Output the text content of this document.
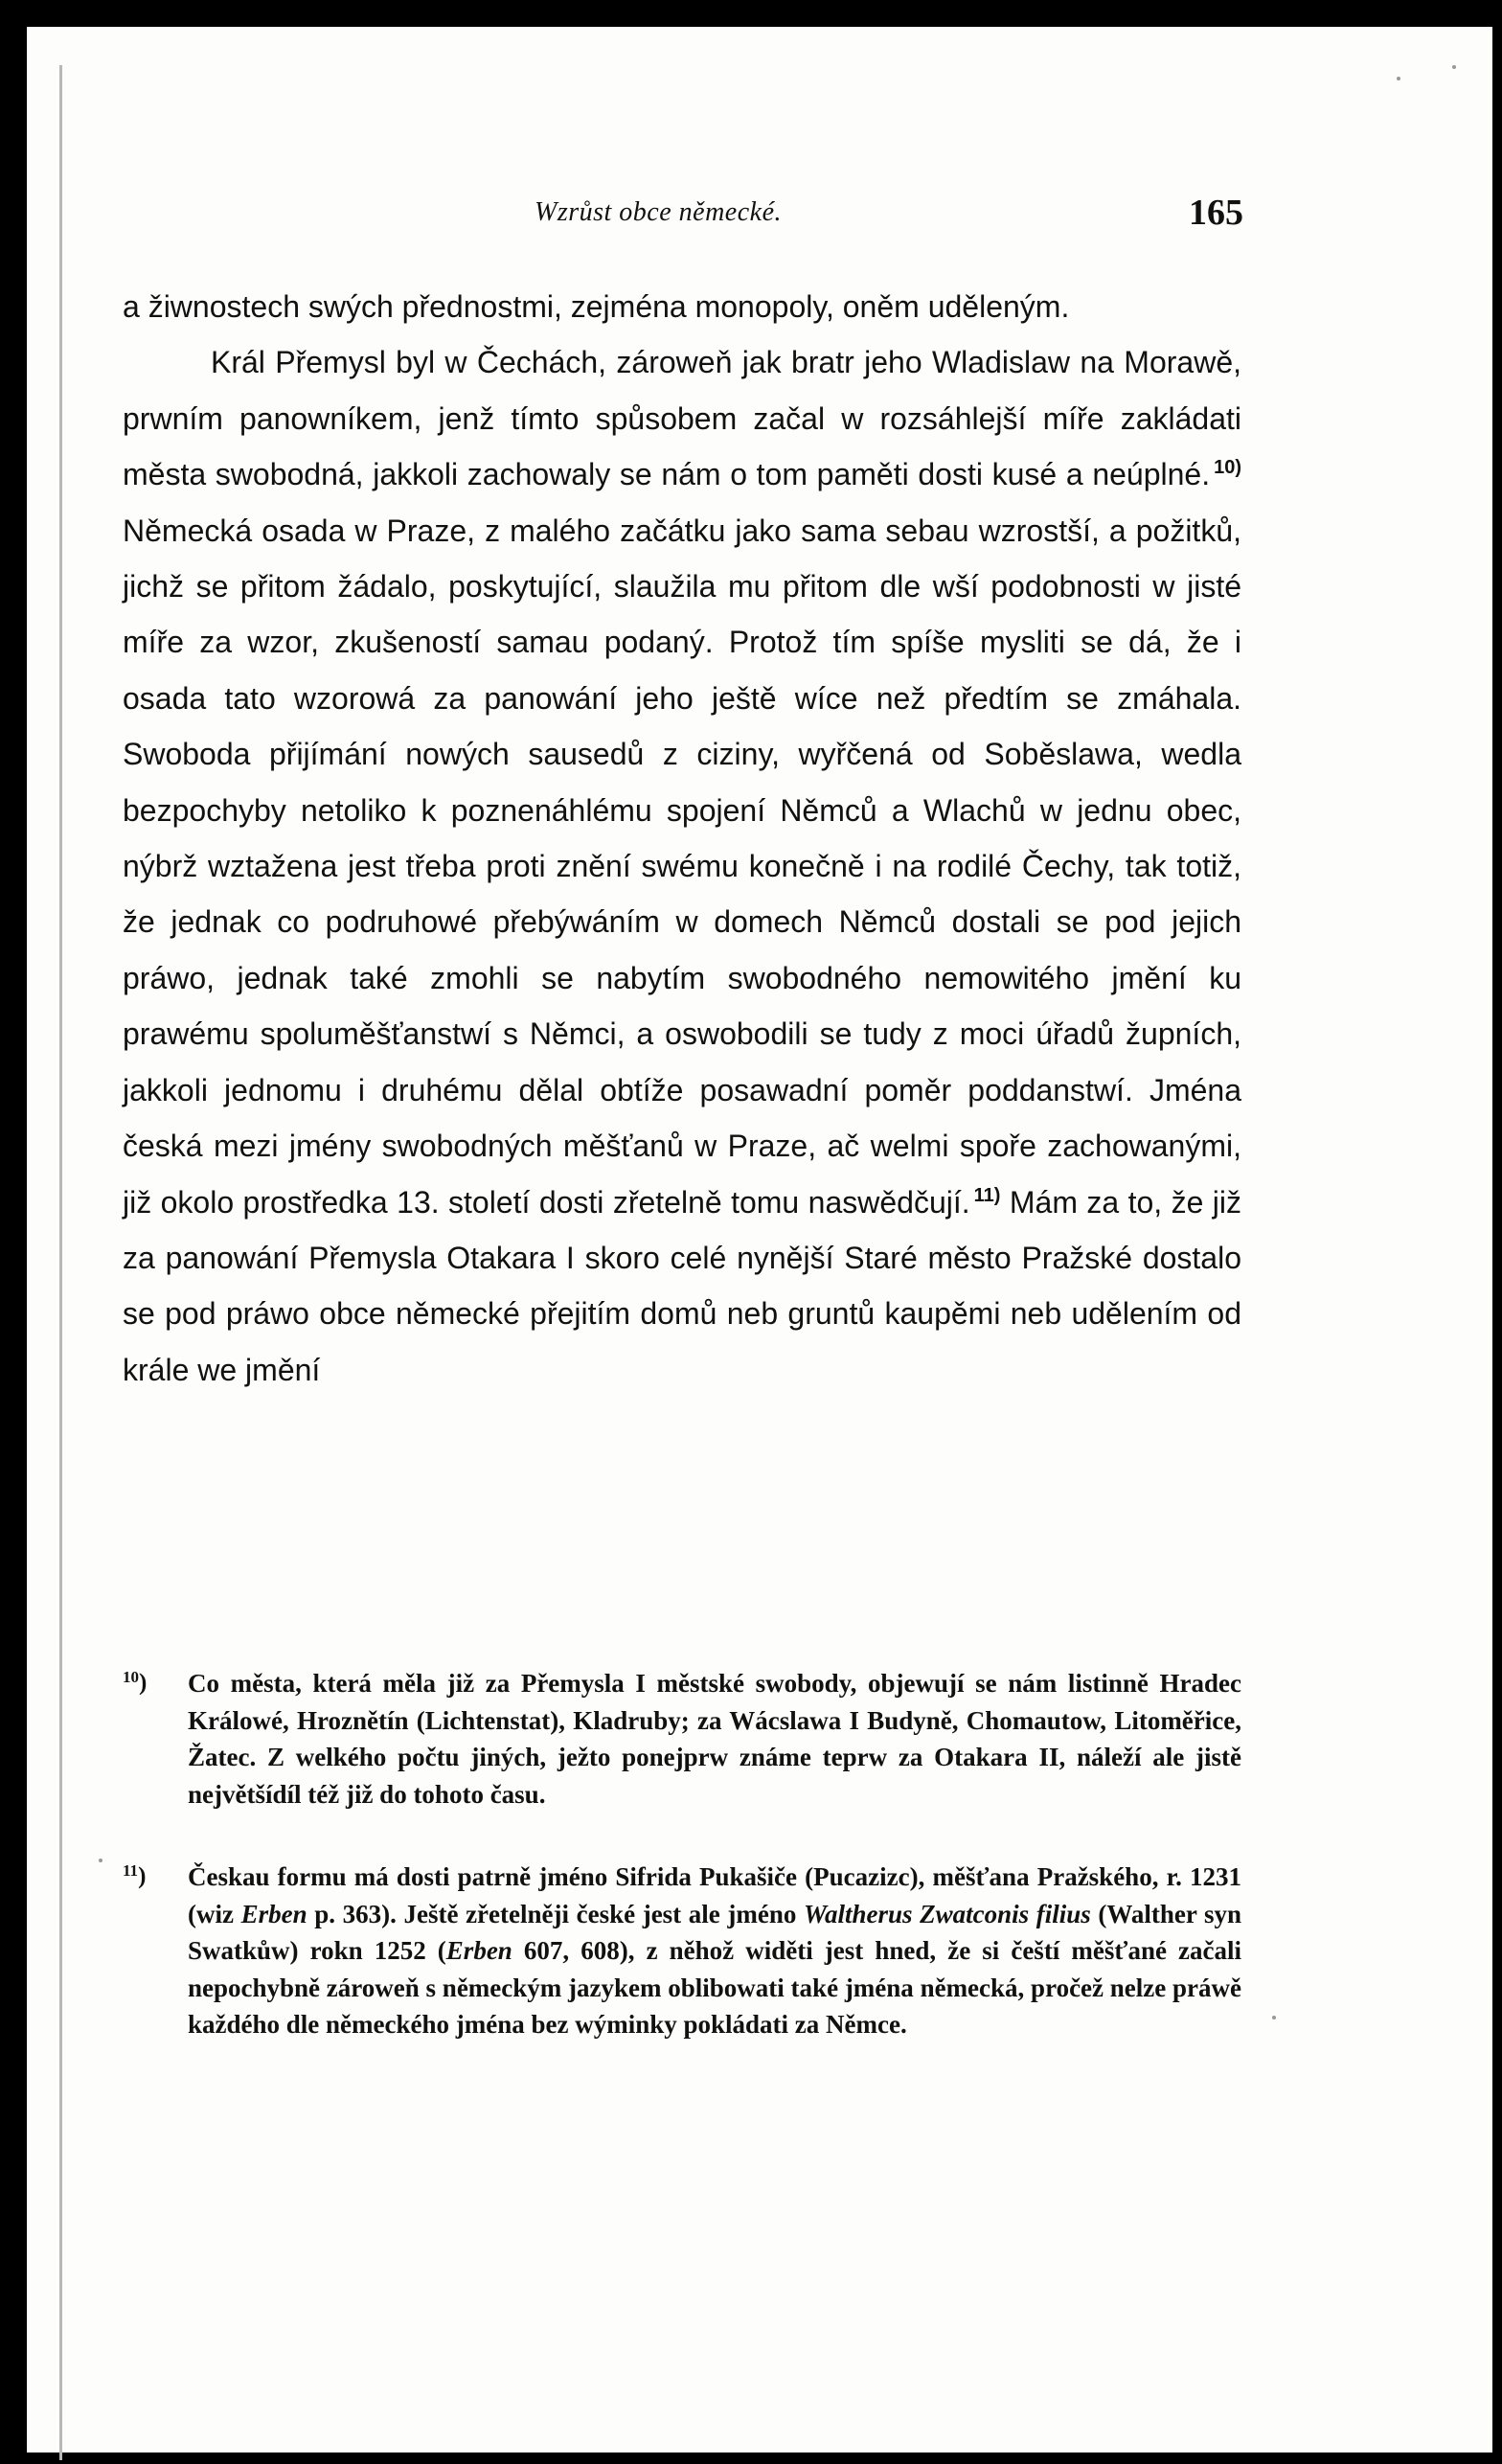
Wzrůst obce německé.	165

a žiwnostech swých přednostmi, zejména monopoly, oněm uděleným.

Král Přemysl byl w Čechách, zároweň jak bratr jeho Wladislaw na Morawě, prwním panowníkem, jenž tímto spůsobem začal w rozsáhlejší míře zakládati města swobodná, jakkoli zachowaly se nám o tom paměti dosti kusé a neúplné. $^{10)}$ Německá osada w Praze, z malého začátku jako sama sebau wzrostší, a požitků, jichž se přitom žádalo, poskytující, slaužila mu přitom dle wší podobnosti w jisté míře za wzor, zkušeností samau podaný. Protož tím spíše mysliti se dá, že i osada tato wzorowá za panowání jeho ještě wíce než předtím se zmáhala. Swoboda přijímání nowých sausedů z ciziny, wyřčená od Soběslawa, wedla bezpochyby netoliko k poznenáhlému spojení Němců a Wlachů w jednu obec, nýbrž wztažena jest třeba proti znění swému konečně i na rodilé Čechy, tak totiž, že jednak co podruhowé přebýwáním w domech Němců dostali se pod jejich práwo, jednak také zmohli se nabytím swobodného nemowitého jmění ku prawému spoluměšťanstwí s Němci, a oswobodili se tudy z moci úřadů župních, jakkoli jednomu i druhému dělal obtíže posawadní poměr poddanstwí. Jména česká mezi jmény swobodných měšťanů w Praze, ač welmi spoře zachowanými, již okolo prostředka 13. století dosti zřetelně tomu naswědčují. $^{11)}$ Mám za to, že již za panowání Přemysla Otakara I skoro celé nynější Staré město Pražské dostalo se pod práwo obce německé přejitím domů neb gruntů kaupěmi neb udělením od krále we jmění

$^{10}$) Co města, která měla již za Přemysla I městské swobody, objewují se nám listinně Hradec Králowé, Hroznětín (Lichtenstat), Kladruby; za Wácslawa I Budyně, Chomautow, Litoměřice, Žatec. Z welkého počtu jiných, ježto ponejprw známe teprw za Otakara II, náleží ale jistě největšídíl též již do tohoto času.
$^{11}$) Českau formu má dosti patrně jméno Sifrida Pukašiče (Pucazizc), měšťana Pražského, r. 1231 (wiz Erben p. 363). Ještě zřetelněji české jest ale jméno Waltherus Zwatconis filius (Walther syn Swatkůw) rokn 1252 (Erben 607, 608), z něhož widěti jest hned, že si čeští měšťané začali nepochybně zároweň s německým jazykem oblibowati také jména německá, pročež nelze práwě každého dle německého jména bez wýminky pokládati za Němce.
